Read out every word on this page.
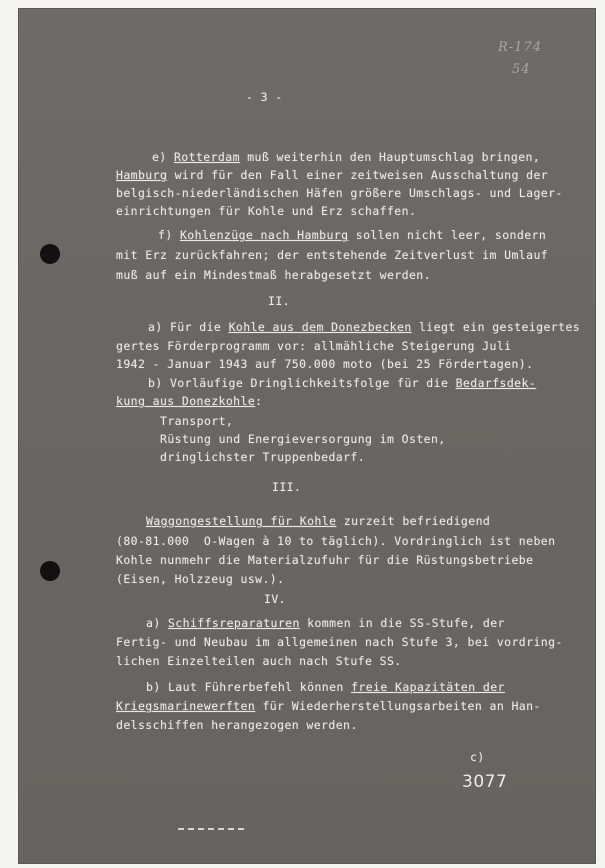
R-174
54
- 3 -
e) Rotterdam muß weiterhin den Hauptumschlag bringen,
Hamburg wird für den Fall einer zeitweisen Ausschaltung der
belgisch-niederländischen Häfen größere Umschlags- und Lager-
einrichtungen für Kohle und Erz schaffen.
f) Kohlenzüge nach Hamburg sollen nicht leer, sondern
mit Erz zurückfahren; der entstehende Zeitverlust im Umlauf
muß auf ein Mindestmaß herabgesetzt werden.
II.
a) Für die Kohle aus dem Donezbecken liegt ein gesteigertes
gertes Förderprogramm vor: allmähliche Steigerung Juli
1942 - Januar 1943 auf 750.000 moto (bei 25 Fördertagen).
b) Vorläufige Dringlichkeitsfolge für die Bedarfsdek-
kung aus Donezkohle:
Transport,
Rüstung und Energieversorgung im Osten,
dringlichster Truppenbedarf.
III.
Waggongestellung für Kohle zurzeit befriedigend
(80-81.000  O-Wagen à 10 to täglich). Vordringlich ist neben
Kohle nunmehr die Materialzufuhr für die Rüstungsbetriebe
(Eisen, Holzzeug usw.).
IV.
a) Schiffsreparaturen kommen in die SS-Stufe, der
Fertig- und Neubau im allgemeinen nach Stufe 3, bei vordring-
lichen Einzelteilen auch nach Stufe SS.
b) Laut Führerbefehl können freie Kapazitäten der
Kriegsmarinewerften für Wiederherstellungsarbeiten an Han-
delsschiffen herangezogen werden.
c)
3077
